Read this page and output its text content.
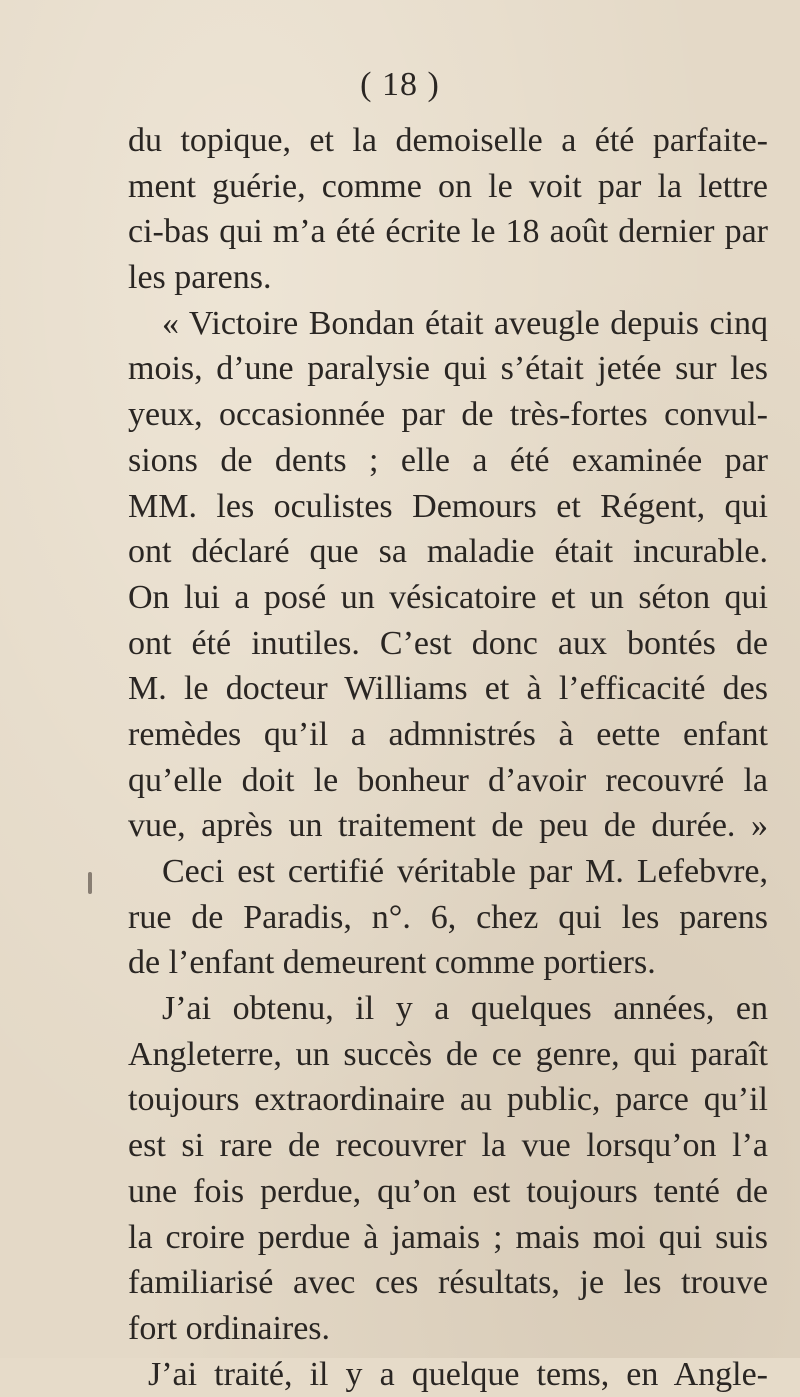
( 18 )
du topique, et la demoiselle a été parfaite-
ment guérie, comme on le voit par la lettre
ci-bas qui m’a été écrite le 18 août dernier par
les parens.
« Victoire Bondan était aveugle depuis cinq
mois, d’une paralysie qui s’était jetée sur les
yeux, occasionnée par de très-fortes convul-
sions de dents ; elle a été examinée par
MM. les oculistes Demours et Régent, qui
ont déclaré que sa maladie était incurable.
On lui a posé un vésicatoire et un séton qui
ont été inutiles. C’est donc aux bontés de
M. le docteur Williams et à l’efficacité des
remèdes qu’il a admnistrés à eette enfant
qu’elle doit le bonheur d’avoir recouvré la
vue, après un traitement de peu de durée. »
Ceci est certifié véritable par M. Lefebvre,
rue de Paradis, n°. 6, chez qui les parens
de l’enfant demeurent comme portiers.
J’ai obtenu, il y a quelques années, en
Angleterre, un succès de ce genre, qui paraît
toujours extraordinaire au public, parce qu’il
est si rare de recouvrer la vue lorsqu’on l’a
une fois perdue, qu’on est toujours tenté de
la croire perdue à jamais ; mais moi qui suis
familiarisé avec ces résultats, je les trouve
fort ordinaires.
J’ai traité, il y a quelque tems, en Angle-
